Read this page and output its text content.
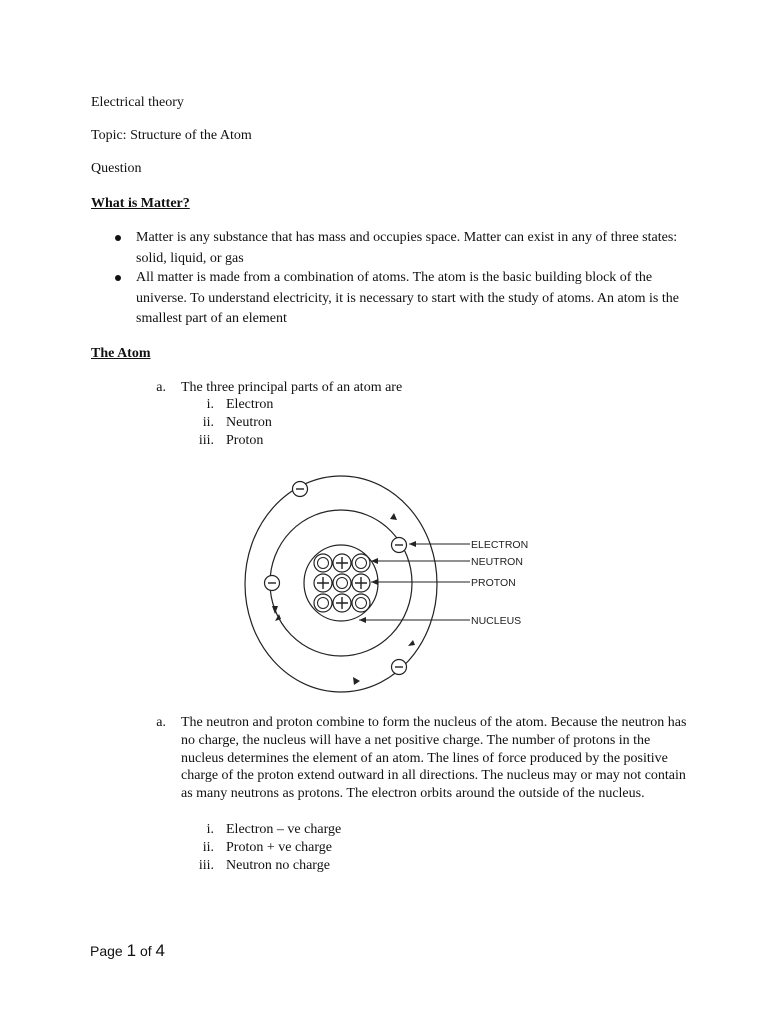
Electrical theory
Topic: Structure of the Atom
Question
What is Matter?
Matter is any substance that has mass and occupies space. Matter can exist in any of three states: solid, liquid, or gas
All matter is made from a combination of atoms. The atom is the basic building block of the universe. To understand electricity, it is necessary to start with the study of atoms. An atom is the smallest part of an element
The Atom
a. The three principal parts of an atom are
i. Electron
ii. Neutron
iii. Proton
ELECTRON
NEUTRON
PROTON
NUCLEUS
a. The neutron and proton combine to form the nucleus of the atom. Because the neutron has no charge, the nucleus will have a net positive charge. The number of protons in the nucleus determines the element of an atom. The lines of force produced by the positive charge of the proton extend outward in all directions. The nucleus may or may not contain as many neutrons as protons. The electron orbits around the outside of the nucleus.
i. Electron – ve charge
ii. Proton + ve charge
iii. Neutron no charge
Page 1 of 4
